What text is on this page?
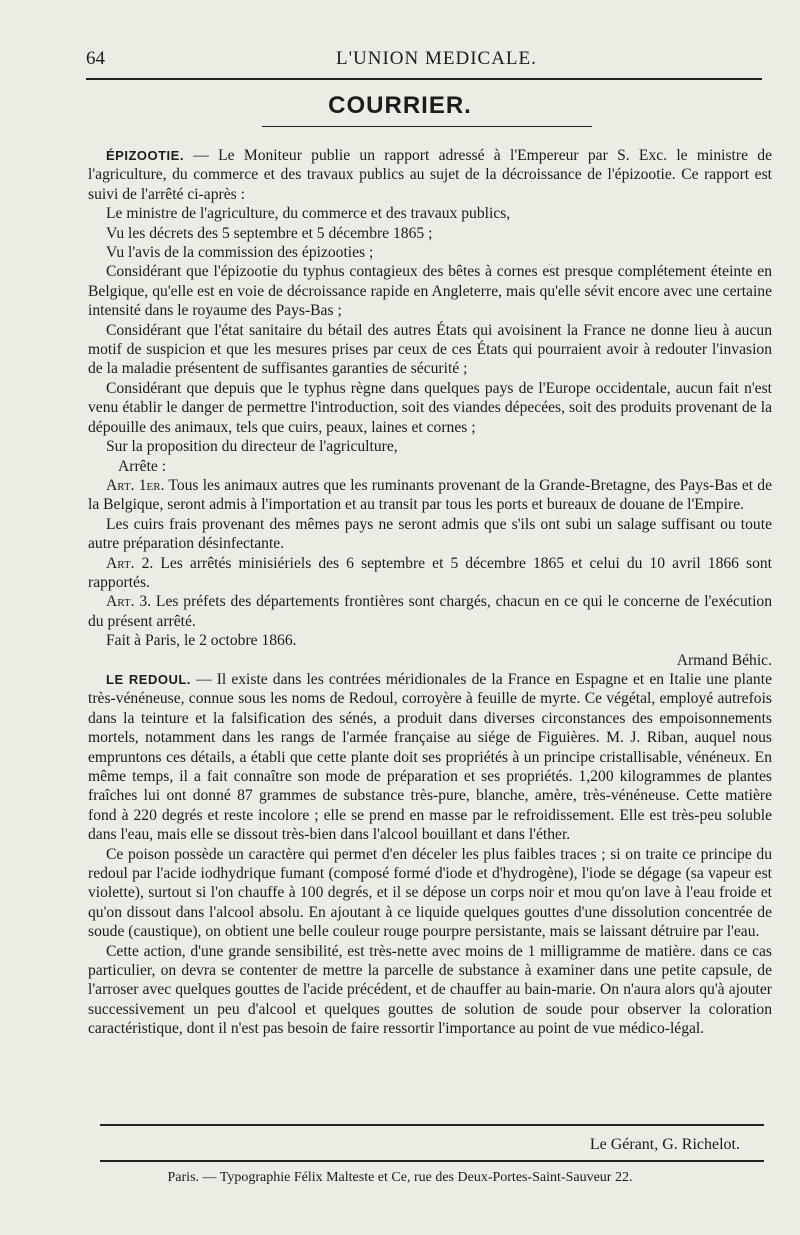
64	L'UNION MEDICALE.
COURRIER.

ÉPIZOOTIE. — Le Moniteur publie un rapport adressé à l'Empereur par S. Exc. le ministre de l'agriculture, du commerce et des travaux publics au sujet de la décroissance de l'épizootie. Ce rapport est suivi de l'arrêté ci-après :

Le ministre de l'agriculture, du commerce et des travaux publics,

Vu les décrets des 5 septembre et 5 décembre 1865 ;

Vu l'avis de la commission des épizooties ;

Considérant que l'épizootie du typhus contagieux des bêtes à cornes est presque complétement éteinte en Belgique, qu'elle est en voie de décroissance rapide en Angleterre, mais qu'elle sévit encore avec une certaine intensité dans le royaume des Pays-Bas ;

Considérant que l'état sanitaire du bétail des autres États qui avoisinent la France ne donne lieu à aucun motif de suspicion et que les mesures prises par ceux de ces États qui pourraient avoir à redouter l'invasion de la maladie présentent de suffisantes garanties de sécurité ;

Considérant que depuis que le typhus règne dans quelques pays de l'Europe occidentale, aucun fait n'est venu établir le danger de permettre l'introduction, soit des viandes dépecées, soit des produits provenant de la dépouille des animaux, tels que cuirs, peaux, laines et cornes ;

Sur la proposition du directeur de l'agriculture,

Arrête :

Art. 1er. Tous les animaux autres que les ruminants provenant de la Grande-Bretagne, des Pays-Bas et de la Belgique, seront admis à l'importation et au transit par tous les ports et bureaux de douane de l'Empire.

Les cuirs frais provenant des mêmes pays ne seront admis que s'ils ont subi un salage suffisant ou toute autre préparation désinfectante.

Art. 2. Les arrêtés minisiériels des 6 septembre et 5 décembre 1865 et celui du 10 avril 1866 sont rapportés.

Art. 3. Les préfets des départements frontières sont chargés, chacun en ce qui le concerne de l'exécution du présent arrêté.

Fait à Paris, le 2 octobre 1866.

Armand Béhic.

LE REDOUL. — Il existe dans les contrées méridionales de la France en Espagne et en Italie une plante très-vénéneuse, connue sous les noms de Redoul, corroyère à feuille de myrte. Ce végétal, employé autrefois dans la teinture et la falsification des sénés, a produit dans diverses circonstances des empoisonnements mortels, notamment dans les rangs de l'armée française au siége de Figuières. M. J. Riban, auquel nous empruntons ces détails, a établi que cette plante doit ses propriétés à un principe cristallisable, vénéneux. En même temps, il a fait connaître son mode de préparation et ses propriétés. 1,200 kilogrammes de plantes fraîches lui ont donné 87 grammes de substance très-pure, blanche, amère, très-vénéneuse. Cette matière fond à 220 degrés et reste incolore ; elle se prend en masse par le refroidissement. Elle est très-peu soluble dans l'eau, mais elle se dissout très-bien dans l'alcool bouillant et dans l'éther.

Ce poison possède un caractère qui permet d'en déceler les plus faibles traces ; si on traite ce principe du redoul par l'acide iodhydrique fumant (composé formé d'iode et d'hydrogène), l'iode se dégage (sa vapeur est violette), surtout si l'on chauffe à 100 degrés, et il se dépose un corps noir et mou qu'on lave à l'eau froide et qu'on dissout dans l'alcool absolu. En ajoutant à ce liquide quelques gouttes d'une dissolution concentrée de soude (caustique), on obtient une belle couleur rouge pourpre persistante, mais se laissant détruire par l'eau.

Cette action, d'une grande sensibilité, est très-nette avec moins de 1 milligramme de matière. dans ce cas particulier, on devra se contenter de mettre la parcelle de substance à examiner dans une petite capsule, de l'arroser avec quelques gouttes de l'acide précédent, et de chauffer au bain-marie. On n'aura alors qu'à ajouter successivement un peu d'alcool et quelques gouttes de solution de soude pour observer la coloration caractéristique, dont il n'est pas besoin de faire ressortir l'importance au point de vue médico-légal.

Le Gérant, G. Richelot.
Paris. — Typographie Félix Malteste et Ce, rue des Deux-Portes-Saint-Sauveur 22.
